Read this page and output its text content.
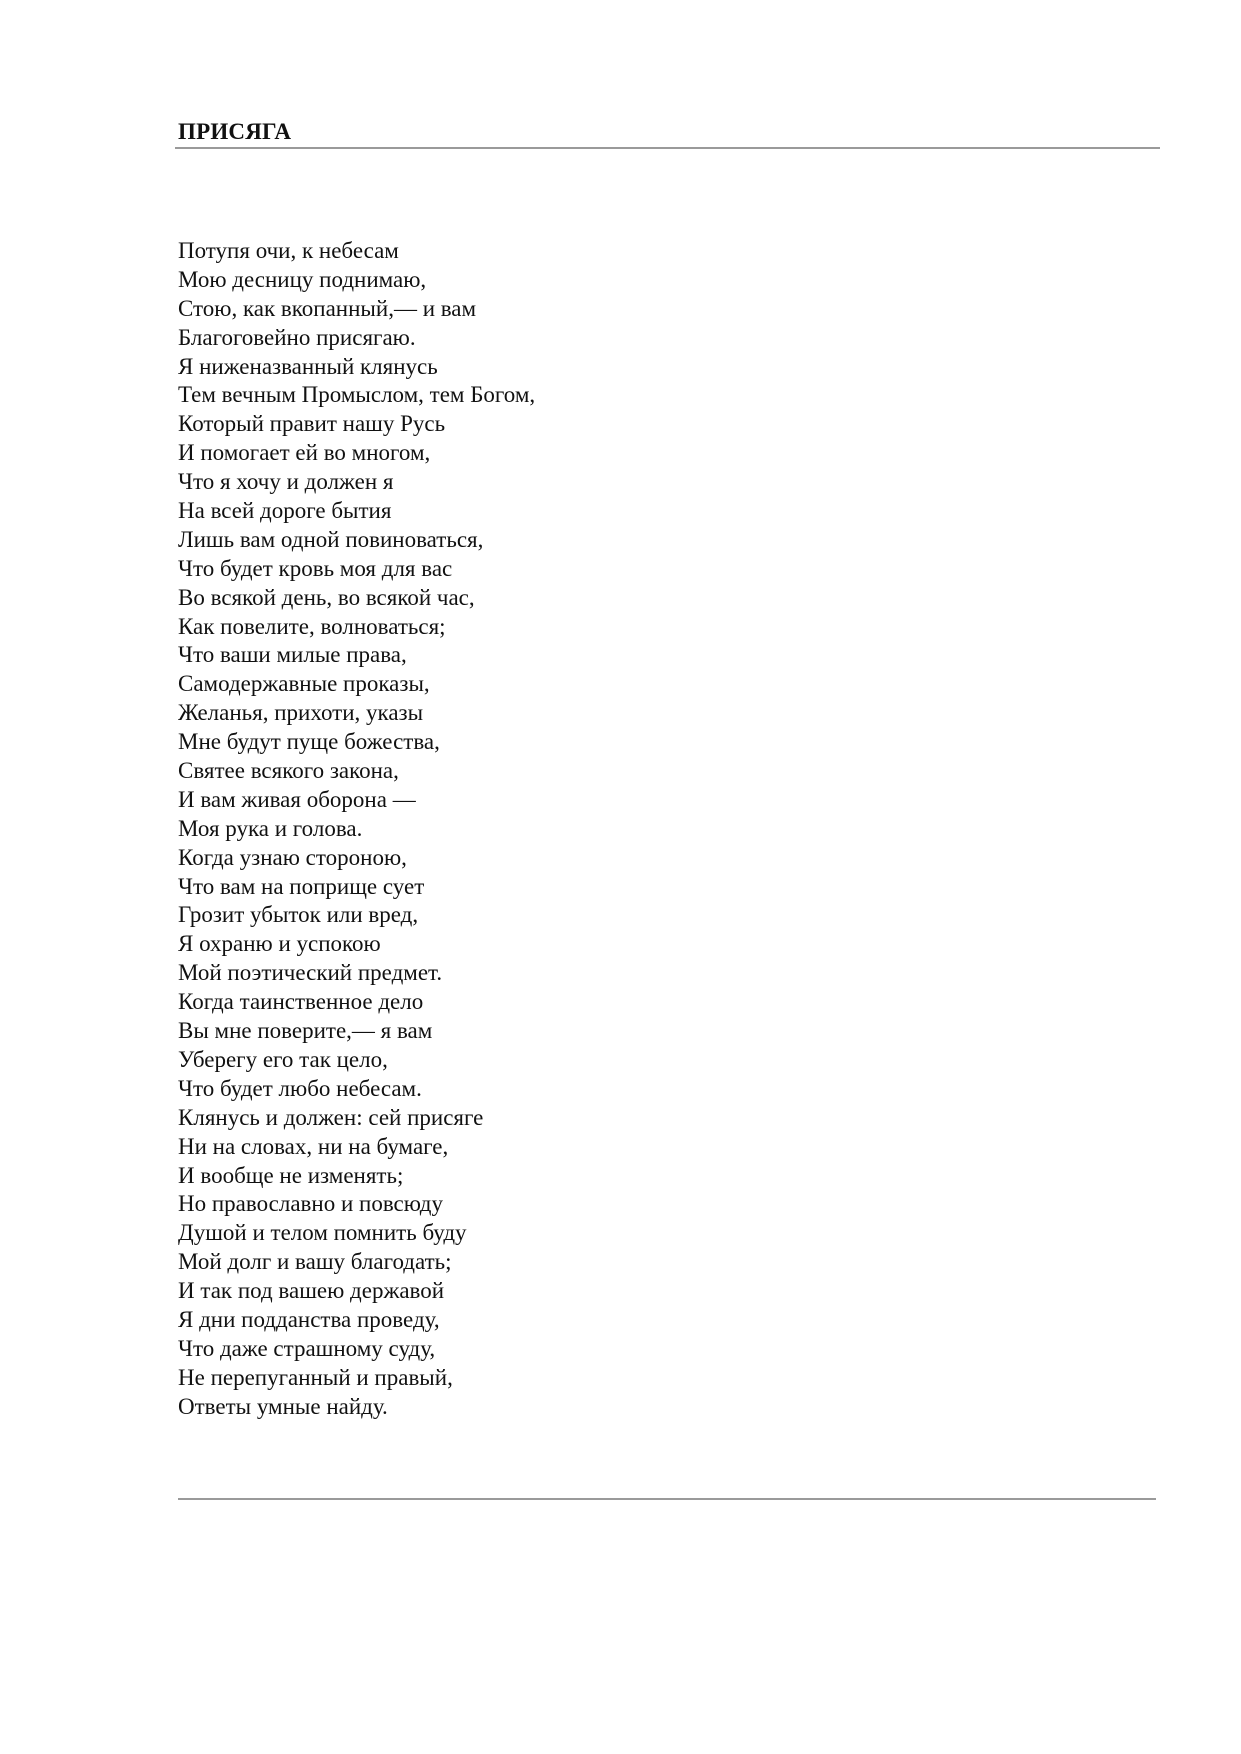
ПРИСЯГА
Потупя очи, к небесам
Мою десницу поднимаю,
Стою, как вкопанный,— и вам
Благоговейно присягаю.
Я ниженазванный клянусь
Тем вечным Промыслом, тем Богом,
Который правит нашу Русь
И помогает ей во многом,
Что я хочу и должен я
На всей дороге бытия
Лишь вам одной повиноваться,
Что будет кровь моя для вас
Во всякой день, во всякой час,
Как повелите, волноваться;
Что ваши милые права,
Самодержавные проказы,
Желанья, прихоти, указы
Мне будут пуще божества,
Святее всякого закона,
И вам живая оборона —
Моя рука и голова.
Когда узнаю стороною,
Что вам на поприще сует
Грозит убыток или вред,
Я охраню и успокою
Мой поэтический предмет.
Когда таинственное дело
Вы мне поверите,— я вам
Уберегу его так цело,
Что будет любо небесам.
Клянусь и должен: сей присяге
Ни на словах, ни на бумаге,
И вообще не изменять;
Но православно и повсюду
Душой и телом помнить буду
Мой долг и вашу благодать;
И так под вашею державой
Я дни подданства проведу,
Что даже страшному суду,
Не перепуганный и правый,
Ответы умные найду.
